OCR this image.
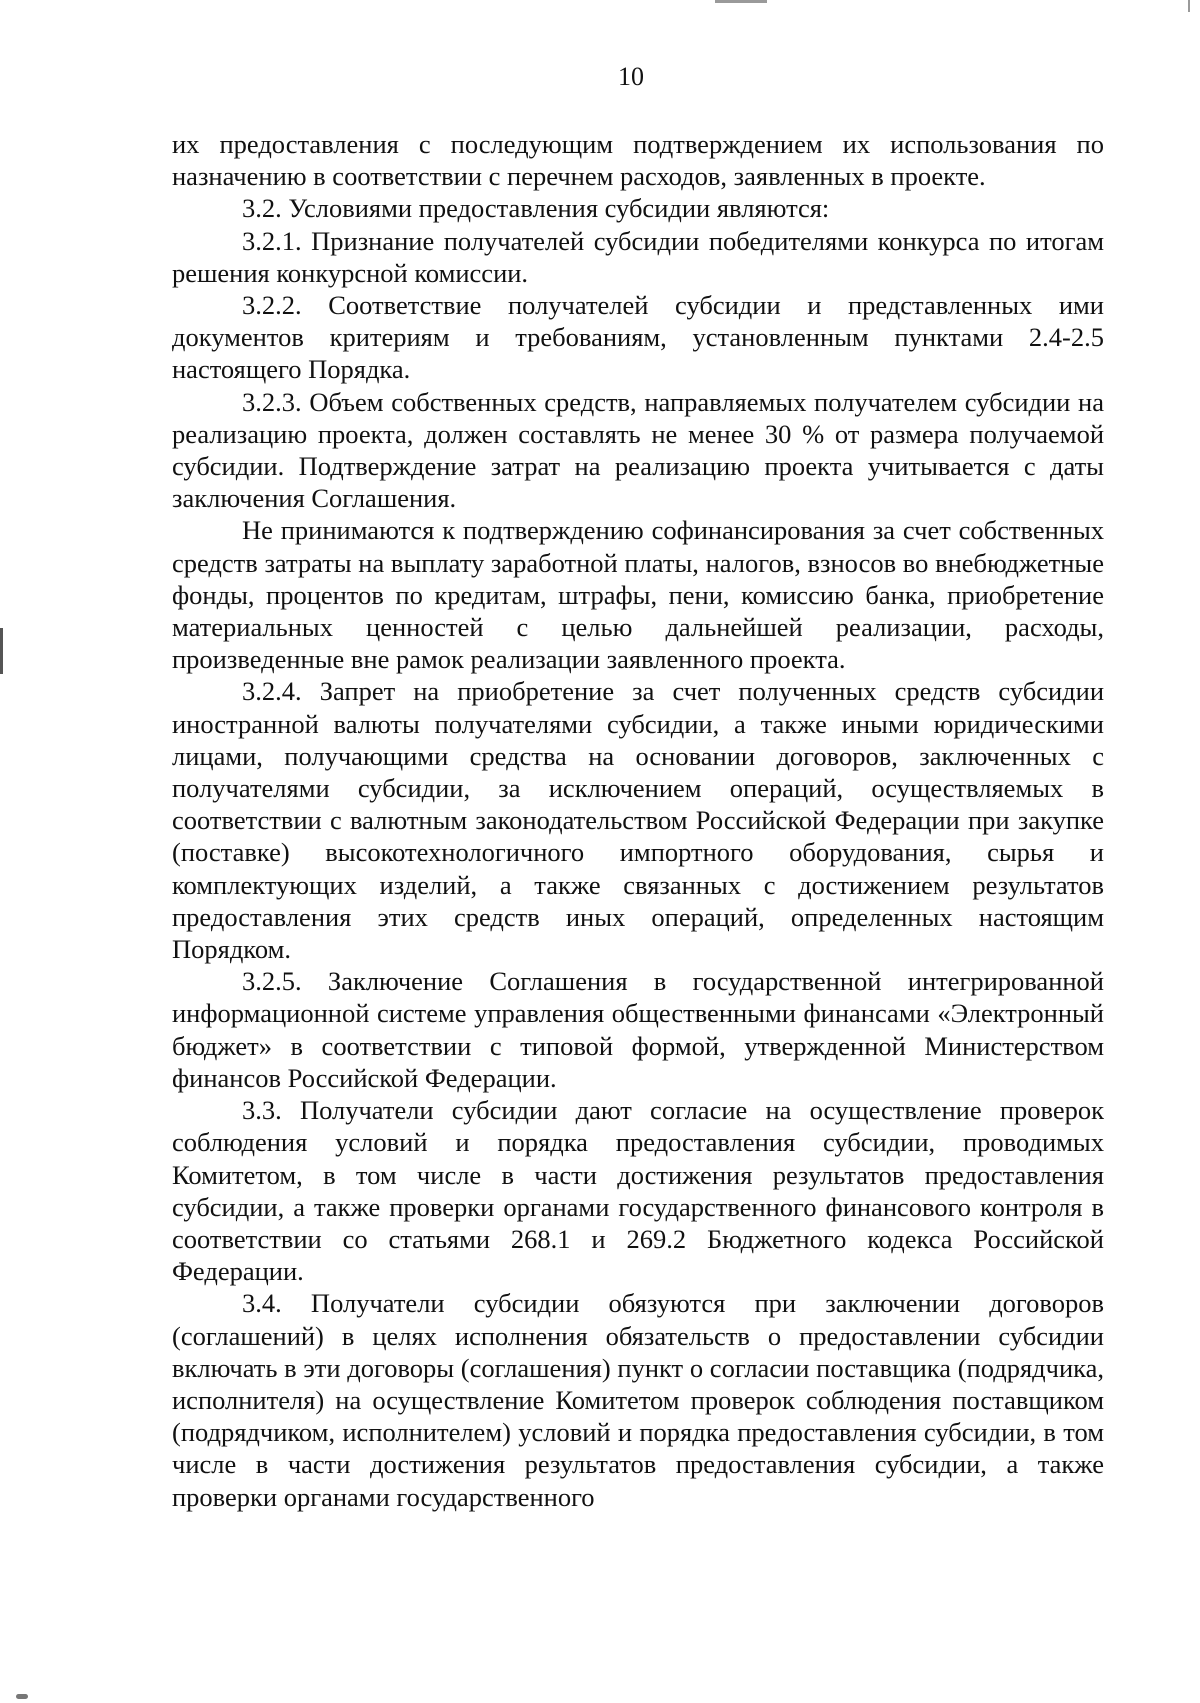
10

их предоставления с последующим подтверждением их использования по назначению в соответствии с перечнем расходов, заявленных в проекте.

3.2. Условиями предоставления субсидии являются:

3.2.1. Признание получателей субсидии победителями конкурса по итогам решения конкурсной комиссии.

3.2.2. Соответствие получателей субсидии и представленных ими документов критериям и требованиям, установленным пунктами 2.4-2.5 настоящего Порядка.

3.2.3. Объем собственных средств, направляемых получателем субсидии на реализацию проекта, должен составлять не менее 30 % от размера получаемой субсидии. Подтверждение затрат на реализацию проекта учитывается с даты заключения Соглашения.

Не принимаются к подтверждению софинансирования за счет собственных средств затраты на выплату заработной платы, налогов, взносов во внебюджетные фонды, процентов по кредитам, штрафы, пени, комиссию банка, приобретение материальных ценностей с целью дальнейшей реализации, расходы, произведенные вне рамок реализации заявленного проекта.

3.2.4. Запрет на приобретение за счет полученных средств субсидии иностранной валюты получателями субсидии, а также иными юридическими лицами, получающими средства на основании договоров, заключенных с получателями субсидии, за исключением операций, осуществляемых в соответствии с валютным законодательством Российской Федерации при закупке (поставке) высокотехнологичного импортного оборудования, сырья и комплектующих изделий, а также связанных с достижением результатов предоставления этих средств иных операций, определенных настоящим Порядком.

3.2.5. Заключение Соглашения в государственной интегрированной информационной системе управления общественными финансами «Электронный бюджет» в соответствии с типовой формой, утвержденной Министерством финансов Российской Федерации.

3.3. Получатели субсидии дают согласие на осуществление проверок соблюдения условий и порядка предоставления субсидии, проводимых Комитетом, в том числе в части достижения результатов предоставления субсидии, а также проверки органами государственного финансового контроля в соответствии со статьями 268.1 и 269.2 Бюджетного кодекса Российской Федерации.

3.4. Получатели субсидии обязуются при заключении договоров (соглашений) в целях исполнения обязательств о предоставлении субсидии включать в эти договоры (соглашения) пункт о согласии поставщика (подрядчика, исполнителя) на осуществление Комитетом проверок соблюдения поставщиком (подрядчиком, исполнителем) условий и порядка предоставления субсидии, в том числе в части достижения результатов предоставления субсидии, а также проверки органами государственного
